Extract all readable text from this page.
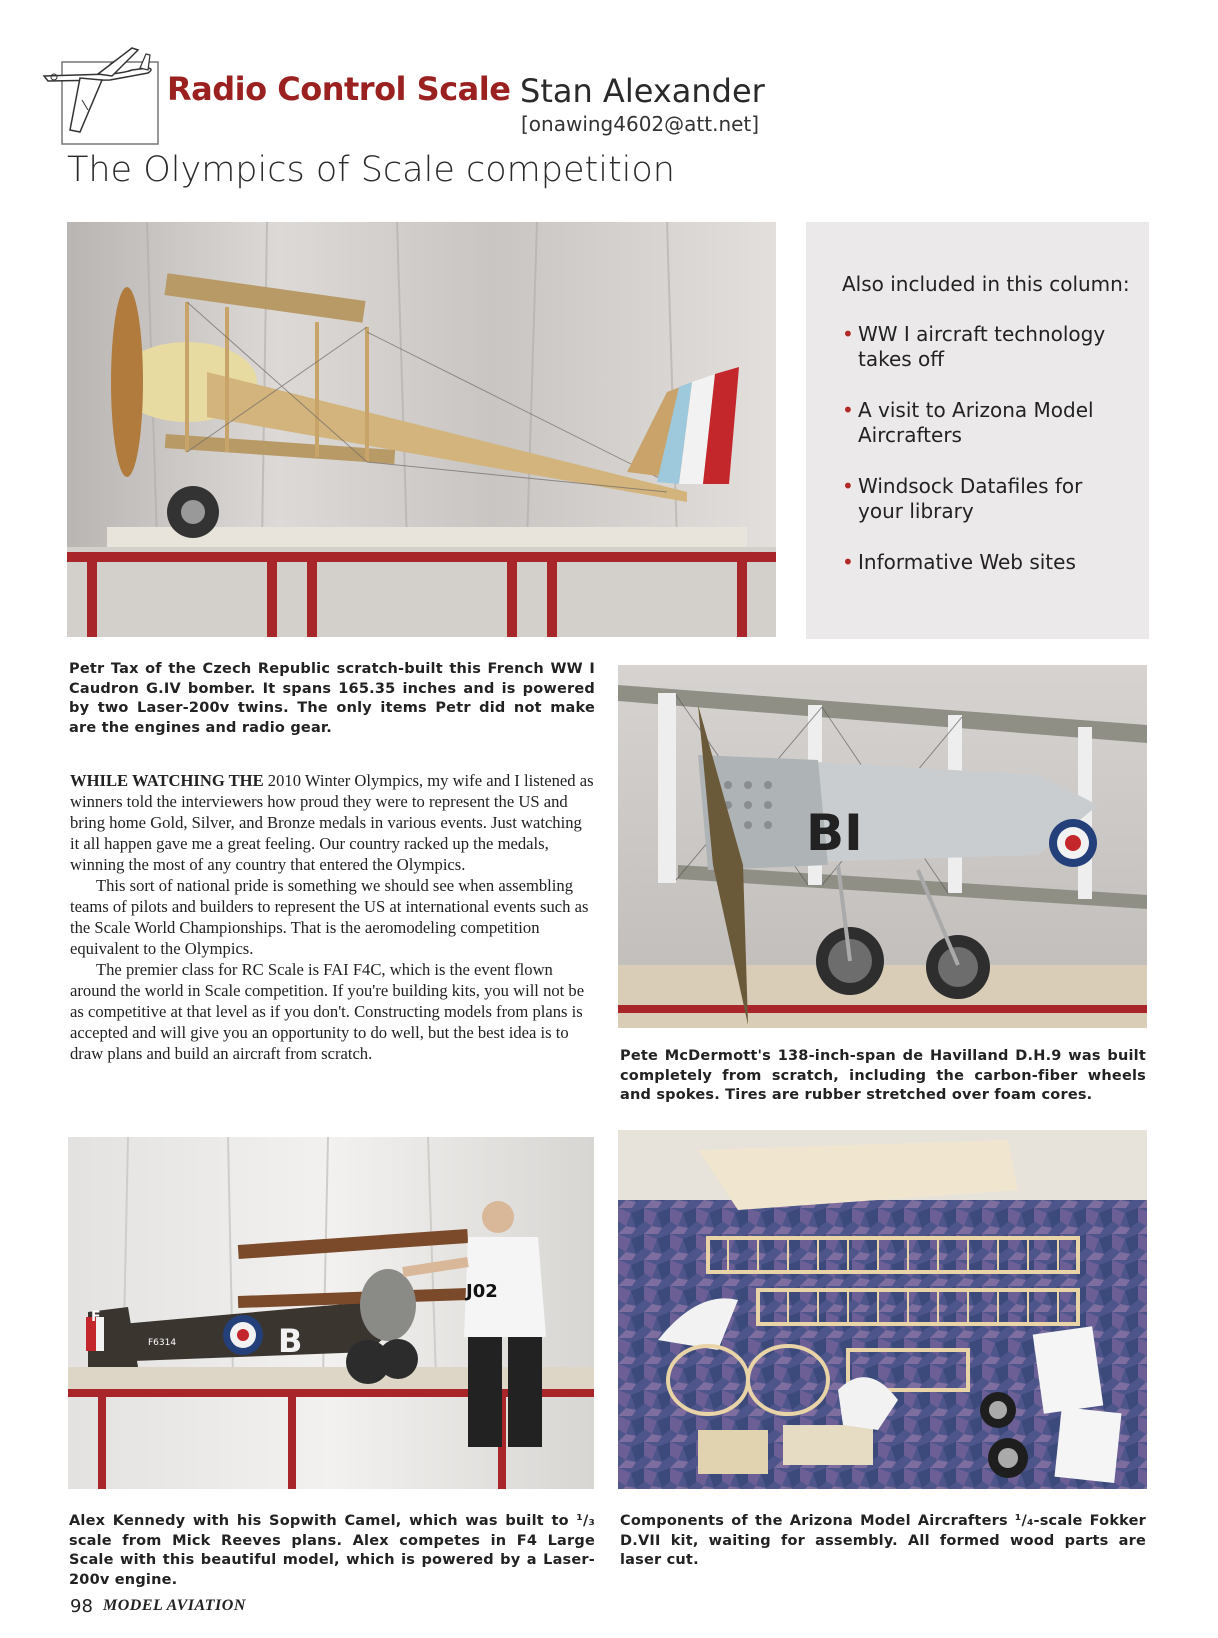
Radio Control Scale Stan Alexander
[onawing4602@att.net]
The Olympics of Scale competition
Also included in this column:
• WW I aircraft technology takes off
• A visit to Arizona Model Aircrafters
• Windsock Datafiles for your library
• Informative Web sites
Petr Tax of the Czech Republic scratch-built this French WW I Caudron G.IV bomber. It spans 165.35 inches and is powered by two Laser-200v twins. The only items Petr did not make are the engines and radio gear.
BI

WHILE WATCHING THE 2010 Winter Olympics, my wife and I listened as winners told the interviewers how proud they were to represent the US and bring home Gold, Silver, and Bronze medals in various events. Just watching it all happen gave me a great feeling. Our country racked up the medals, winning the most of any country that entered the Olympics.

This sort of national pride is something we should see when assembling teams of pilots and builders to represent the US at international events such as the Scale World Championships. That is the aeromodeling competition equivalent to the Olympics.

The premier class for RC Scale is FAI F4C, which is the event flown around the world in Scale competition. If you're building kits, you will not be as competitive at that level as if you don't. Constructing models from plans is accepted and will give you an opportunity to do well, but the best idea is to draw plans and build an aircraft from scratch.	Pete McDermott's 138-inch-span de Havilland D.H.9 was built completely from scratch, including the carbon-fiber wheels and spokes. Tires are rubber stretched over foam cores.
F
F6314	B
J02
Alex Kennedy with his Sopwith Camel, which was built to ¹/₃ scale from Mick Reeves plans. Alex competes in F4 Large Scale with this beautiful model, which is powered by a Laser-200v engine.
Components of the Arizona Model Aircrafters ¹/₄-scale Fokker D.VII kit, waiting for assembly. All formed wood parts are laser cut.
98 MODEL AVIATION
